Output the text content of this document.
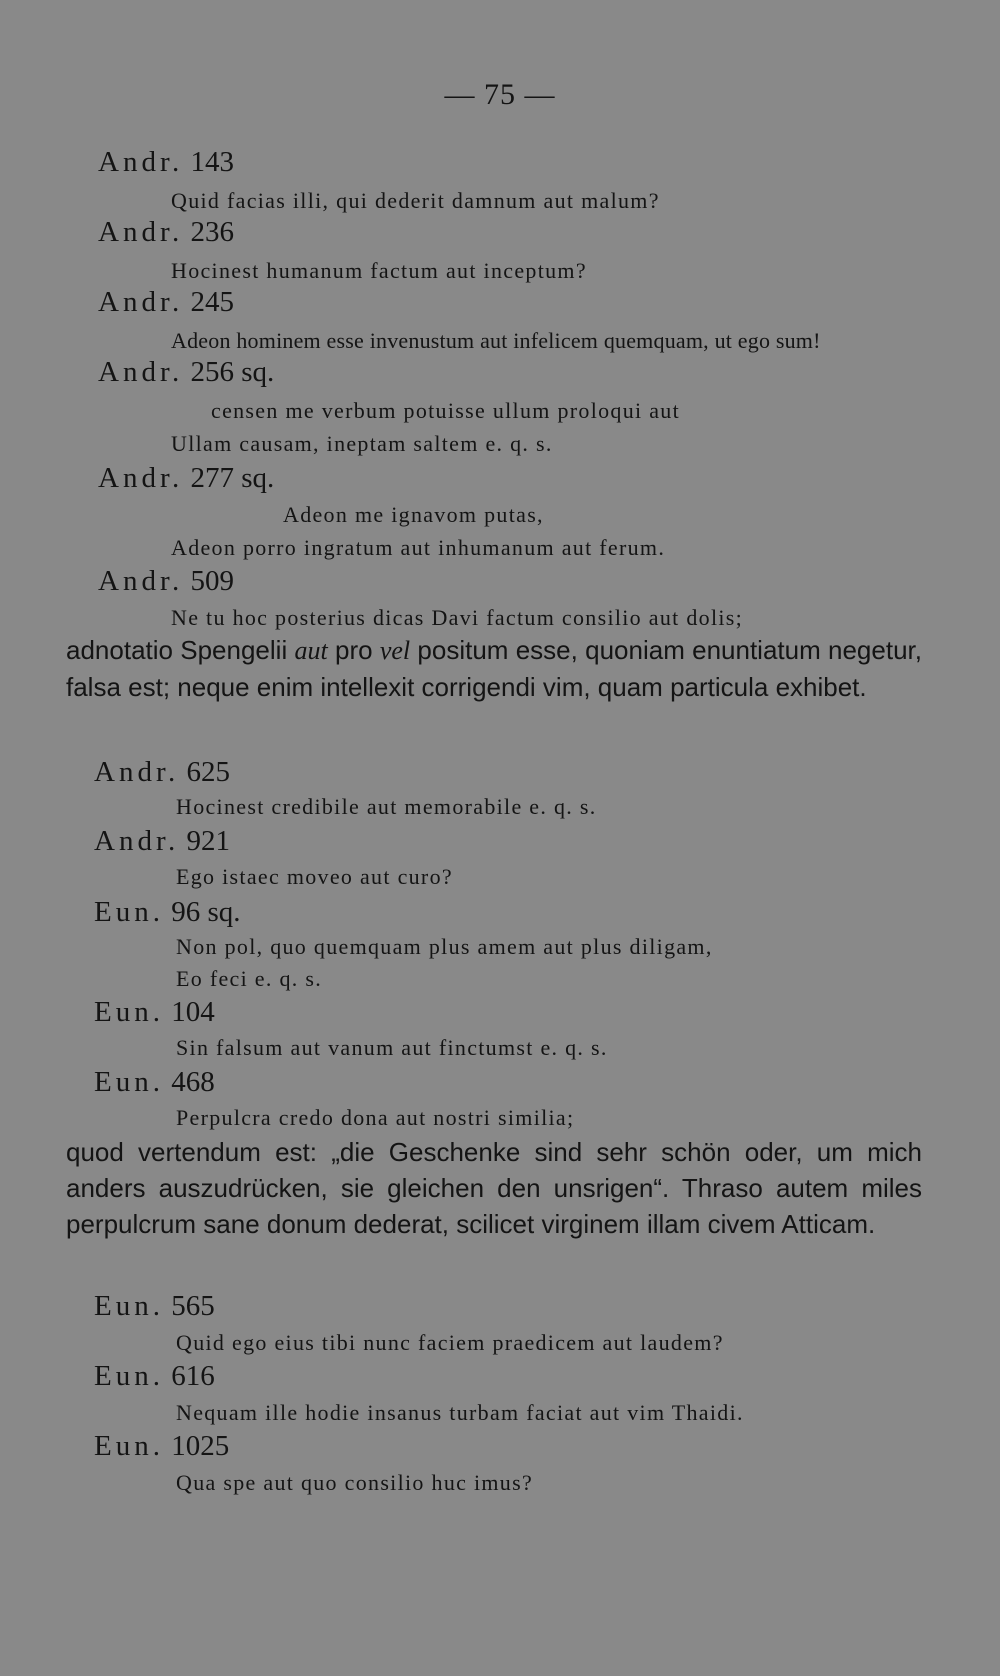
— 75 —
Andr. 143
Quid facias illi, qui dederit damnum aut malum?
Andr. 236
Hocinest humanum factum aut inceptum?
Andr. 245
Adeon hominem esse invenustum aut infelicem quemquam, ut ego sum!
Andr. 256 sq.
censen me verbum potuisse ullum proloqui aut
Ullam causam, ineptam saltem e. q. s.
Andr. 277 sq.
Adeon me ignavom putas,
Adeon porro ingratum aut inhumanum aut ferum.
Andr. 509
Ne tu hoc posterius dicas Davi factum consilio aut dolis;
adnotatio Spengelii aut pro vel positum esse, quoniam enuntiatum negetur, falsa est; neque enim intellexit corrigendi vim, quam particula exhibet.
Andr. 625
Hocinest credibile aut memorabile e. q. s.
Andr. 921
Ego istaec moveo aut curo?
Eun. 96 sq.
Non pol, quo quemquam plus amem aut plus diligam,
Eo feci e. q. s.
Eun. 104
Sin falsum aut vanum aut finctumst e. q. s.
Eun. 468
Perpulcra credo dona aut nostri similia;
quod vertendum est: „die Geschenke sind sehr schön oder, um mich anders auszudrücken, sie gleichen den unsrigen“. Thraso autem miles perpulcrum sane donum dederat, scilicet virginem illam civem Atticam.
Eun. 565
Quid ego eius tibi nunc faciem praedicem aut laudem?
Eun. 616
Nequam ille hodie insanus turbam faciat aut vim Thaidi.
Eun. 1025
Qua spe aut quo consilio huc imus?
